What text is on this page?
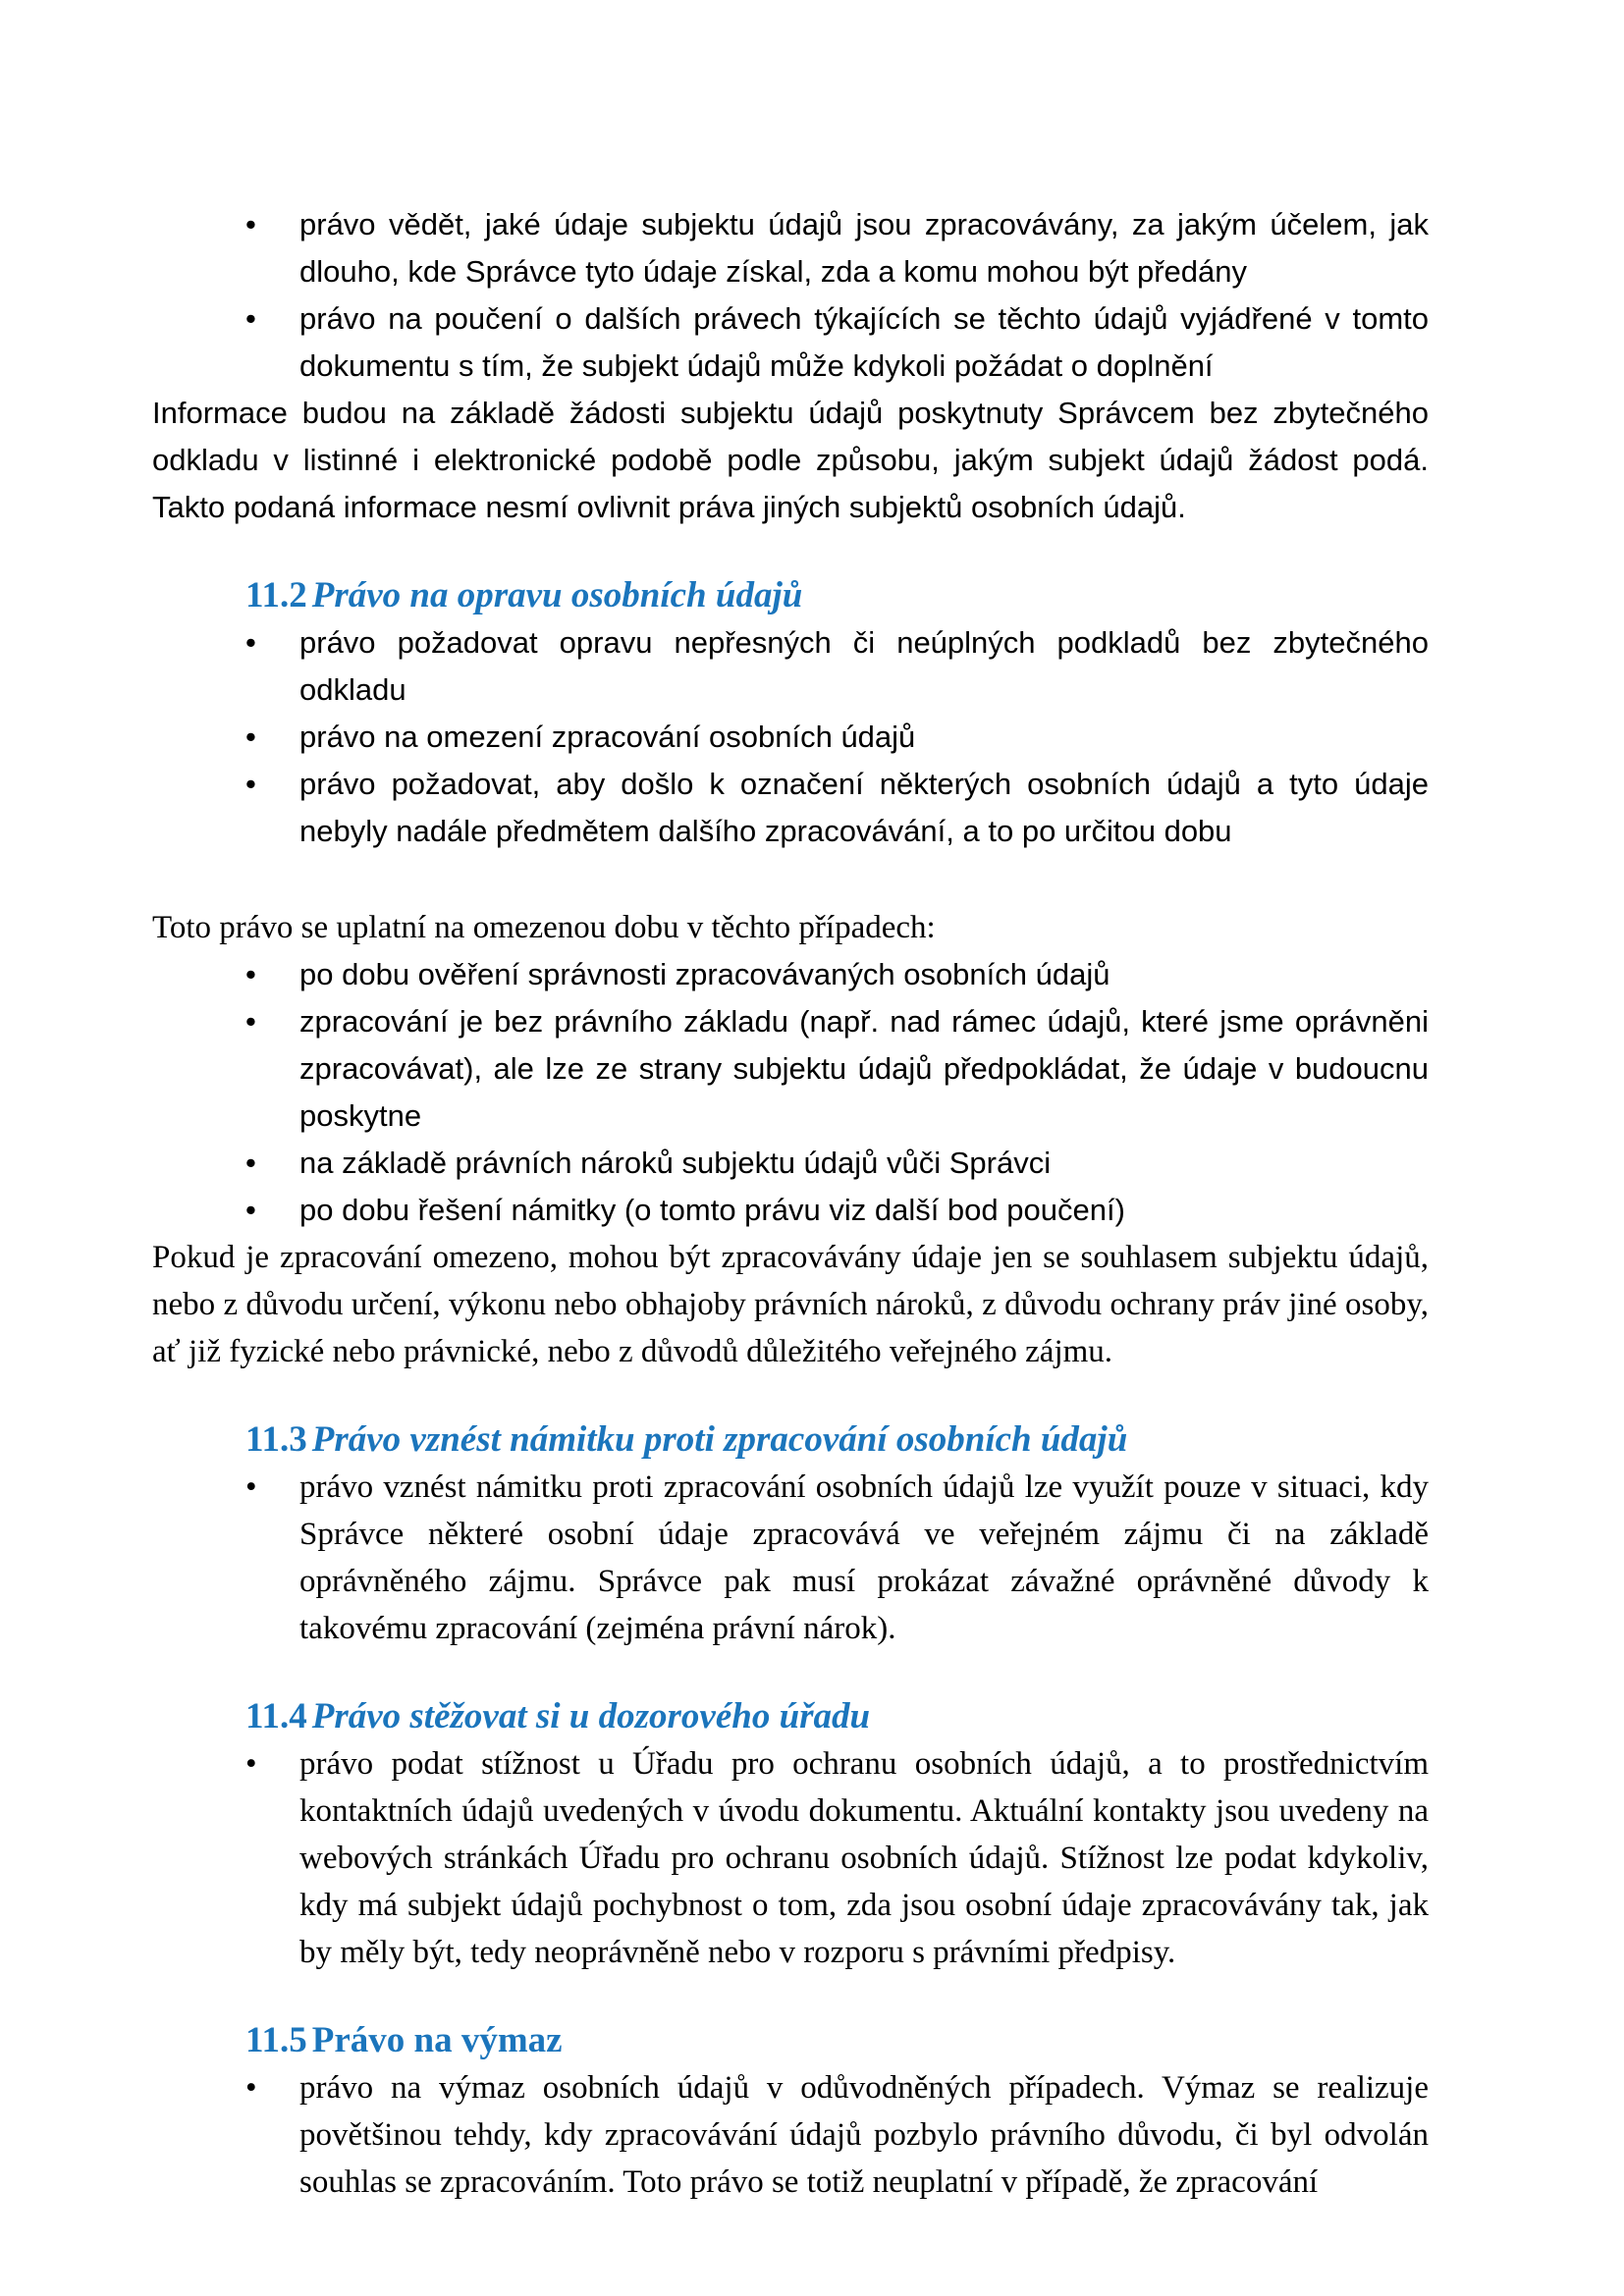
• právo vědět, jaké údaje subjektu údajů jsou zpracovávány, za jakým účelem, jak dlouho, kde Správce tyto údaje získal, zda a komu mohou být předány
• právo na poučení o dalších právech týkajících se těchto údajů vyjádřené v tomto dokumentu s tím, že subjekt údajů může kdykoli požádat o doplnění

Informace budou na základě žádosti subjektu údajů poskytnuty Správcem bez zbytečného odkladu v listinné i elektronické podobě podle způsobu, jakým subjekt údajů žádost podá. Takto podaná informace nesmí ovlivnit práva jiných subjektů osobních údajů.

11.2 Právo na opravu osobních údajů
• právo požadovat opravu nepřesných či neúplných podkladů bez zbytečného odkladu
• právo na omezení zpracování osobních údajů
• právo požadovat, aby došlo k označení některých osobních údajů a tyto údaje nebyly nadále předmětem dalšího zpracovávání, a to po určitou dobu

Toto právo se uplatní na omezenou dobu v těchto případech:

• po dobu ověření správnosti zpracovávaných osobních údajů
• zpracování je bez právního základu (např. nad rámec údajů, které jsme oprávněni zpracovávat), ale lze ze strany subjektu údajů předpokládat, že údaje v budoucnu poskytne
• na základě právních nároků subjektu údajů vůči Správci
• po dobu řešení námitky (o tomto právu viz další bod poučení)

Pokud je zpracování omezeno, mohou být zpracovávány údaje jen se souhlasem subjektu údajů, nebo z důvodu určení, výkonu nebo obhajoby právních nároků, z důvodu ochrany práv jiné osoby, ať již fyzické nebo právnické, nebo z důvodů důležitého veřejného zájmu.

11.3 Právo vznést námitku proti zpracování osobních údajů
• právo vznést námitku proti zpracování osobních údajů lze využít pouze v situaci, kdy Správce některé osobní údaje zpracovává ve veřejném zájmu či na základě oprávněného zájmu. Správce pak musí prokázat závažné oprávněné důvody k takovému zpracování (zejména právní nárok).
11.4 Právo stěžovat si u dozorového úřadu
• právo podat stížnost u Úřadu pro ochranu osobních údajů, a to prostřednictvím kontaktních údajů uvedených v úvodu dokumentu. Aktuální kontakty jsou uvedeny na webových stránkách Úřadu pro ochranu osobních údajů. Stížnost lze podat kdykoliv, kdy má subjekt údajů pochybnost o tom, zda jsou osobní údaje zpracovávány tak, jak by měly být, tedy neoprávněně nebo v rozporu s právními předpisy.
11.5 Právo na výmaz
• právo na výmaz osobních údajů v odůvodněných případech. Výmaz se realizuje povětšinou tehdy, kdy zpracovávání údajů pozbylo právního důvodu, či byl odvolán souhlas se zpracováním. Toto právo se totiž neuplatní v případě, že zpracování
